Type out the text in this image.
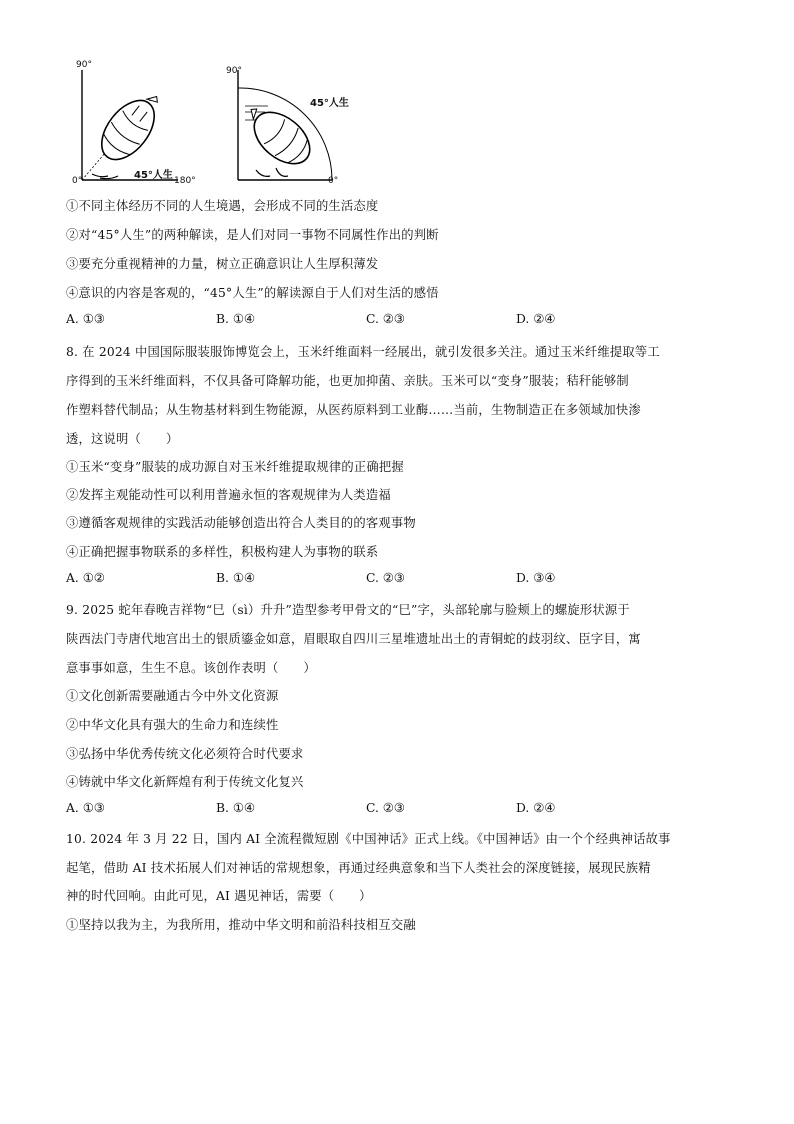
90°
0°	180°
45°人生
90°
0°
45°人生
①不同主体经历不同的人生境遇，会形成不同的生活态度
②对“45°人生”的两种解读，是人们对同一事物不同属性作出的判断
③要充分重视精神的力量，树立正确意识让人生厚积薄发
④意识的内容是客观的，“45°人生”的解读源自于人们对生活的感悟
A. ①③	B. ①④	C. ②③	D. ②④
8. 在 2024 中国国际服装服饰博览会上，玉米纤维面料一经展出，就引发很多关注。通过玉米纤维提取等工
序得到的玉米纤维面料，不仅具备可降解功能，也更加抑菌、亲肤。玉米可以“变身”服装；秸秆能够制
作塑料替代制品；从生物基材料到生物能源，从医药原料到工业酶……当前，生物制造正在多领域加快渗
透，这说明（　　）
①玉米“变身”服装的成功源自对玉米纤维提取规律的正确把握
②发挥主观能动性可以利用普遍永恒的客观规律为人类造福
③遵循客观规律的实践活动能够创造出符合人类目的的客观事物
④正确把握事物联系的多样性，积极构建人为事物的联系
A. ①②	B. ①④	C. ②③	D. ③④
9. 2025 蛇年春晚吉祥物“巳（sì）升升”造型参考甲骨文的“巳”字，头部轮廓与脸颊上的螺旋形状源于
陕西法门寺唐代地宫出土的银质鎏金如意，眉眼取自四川三星堆遗址出土的青铜蛇的歧羽纹、臣字目，寓
意事事如意，生生不息。该创作表明（　　）
①文化创新需要融通古今中外文化资源
②中华文化具有强大的生命力和连续性
③弘扬中华优秀传统文化必须符合时代要求
④铸就中华文化新辉煌有利于传统文化复兴
A. ①③	B. ①④	C. ②③	D. ②④
10. 2024 年 3 月 22 日，国内 AI 全流程微短剧《中国神话》正式上线。《中国神话》由一个个经典神话故事
起笔，借助 AI 技术拓展人们对神话的常规想象，再通过经典意象和当下人类社会的深度链接，展现民族精
神的时代回响。由此可见，AI 遇见神话，需要（　　）
①坚持以我为主，为我所用，推动中华文明和前沿科技相互交融
